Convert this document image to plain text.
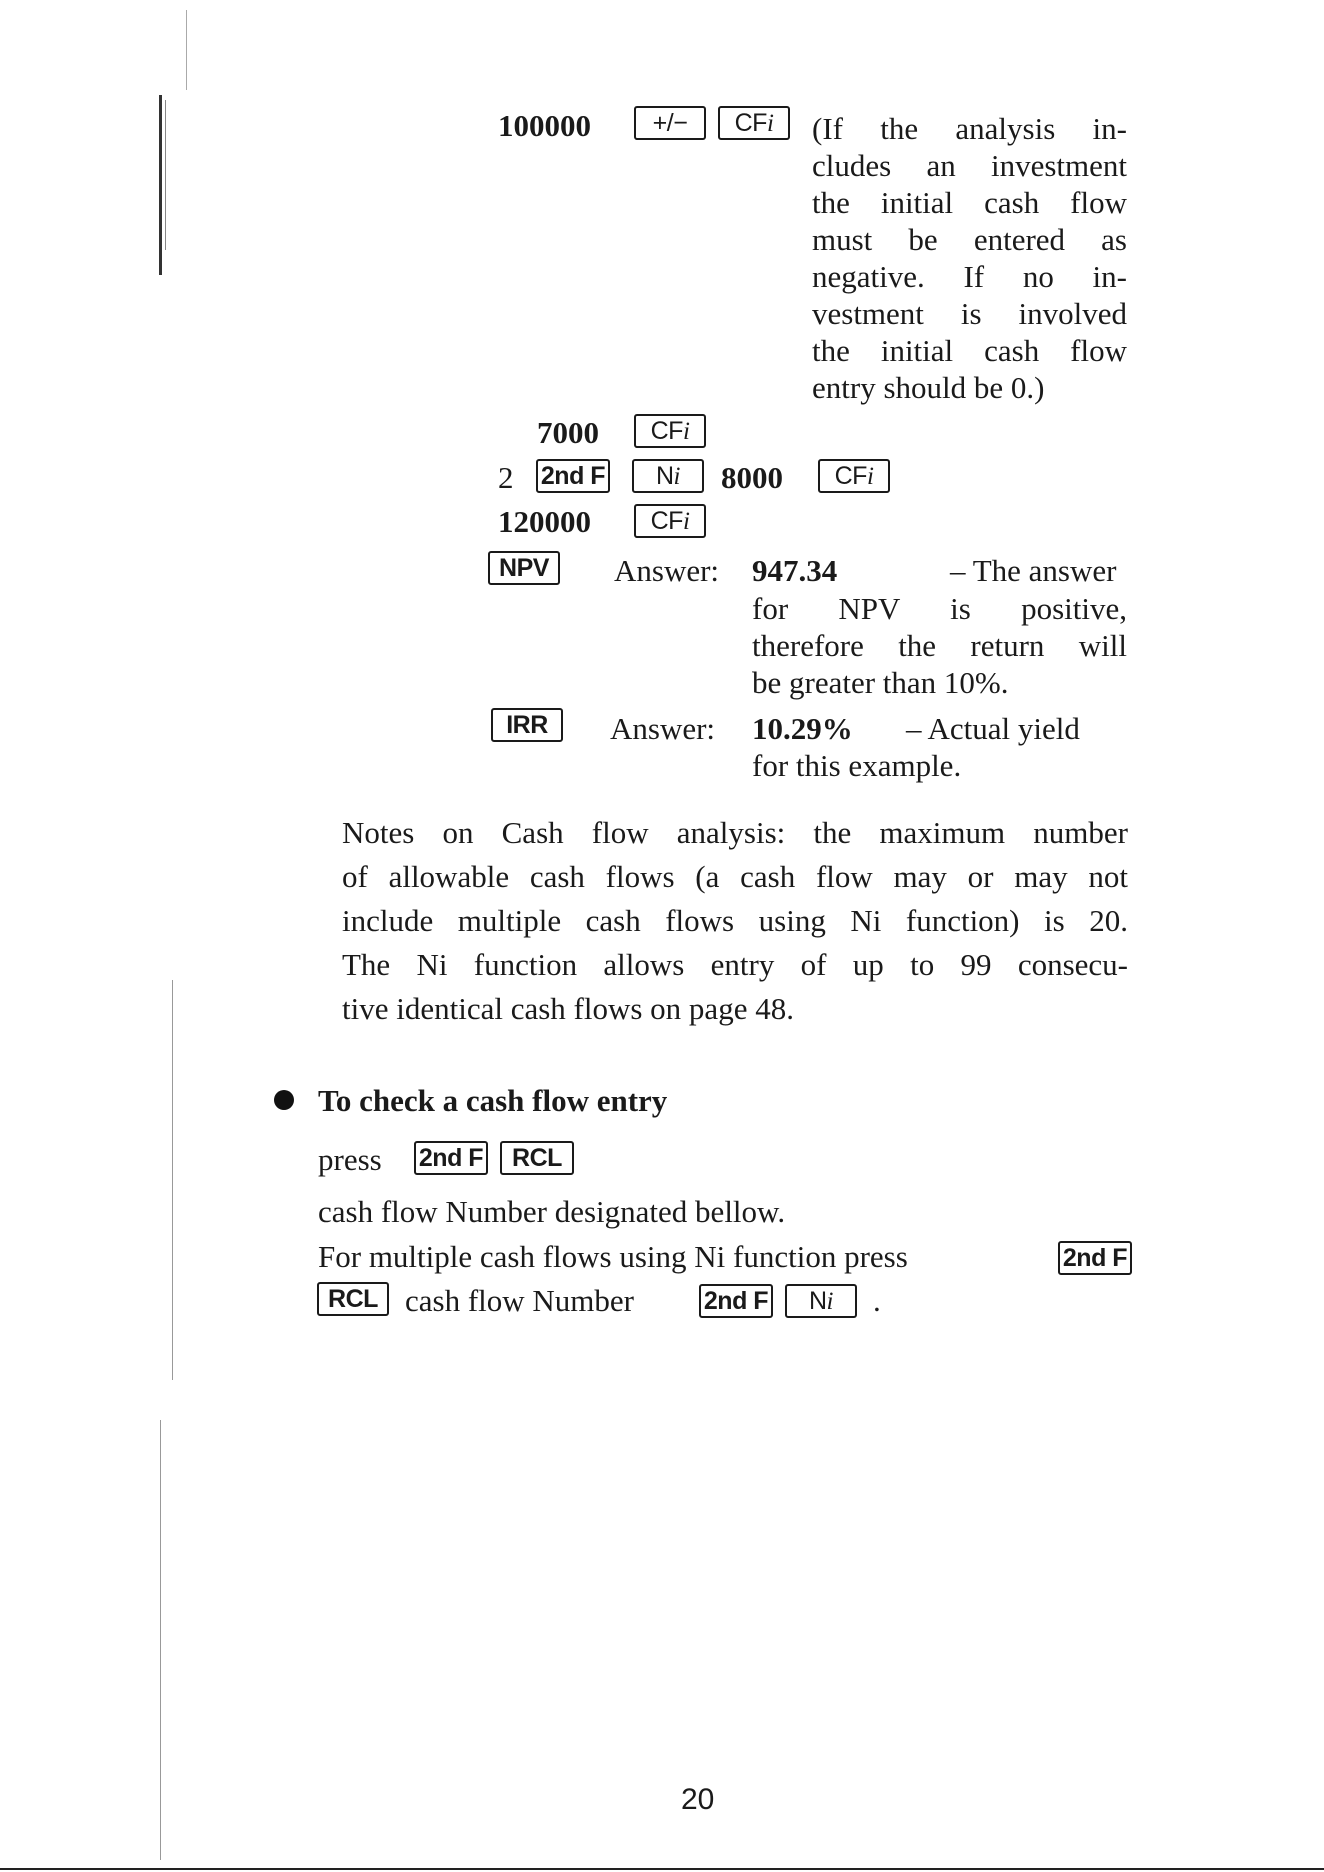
100000	+/−	CFi	(If the analysis in-
cludes an investment
the initial cash flow
must be entered as
negative. If no in-
vestment is involved
the initial cash flow
entry should be 0.)
7000	CFi
2 2nd F	Ni	8000	CFi
120000	CFi
NPV	Answer: 947.34	– The answer
for NPV is positive,
therefore the return will
be greater than 10%.
IRR	Answer: 10.29% – Actual yield
for this example.
Notes on Cash flow analysis: the maximum number
of allowable cash flows (a cash flow may or may not
include multiple cash flows using Ni function) is 20.
The Ni function allows entry of up to 99 consecu-
tive identical cash flows on page 48.
To check a cash flow entry
press 2nd F	RCL
cash flow Number designated bellow.
For multiple cash flows using Ni function press	2nd F
RCL cash flow Number	2nd F	Ni	.
20
